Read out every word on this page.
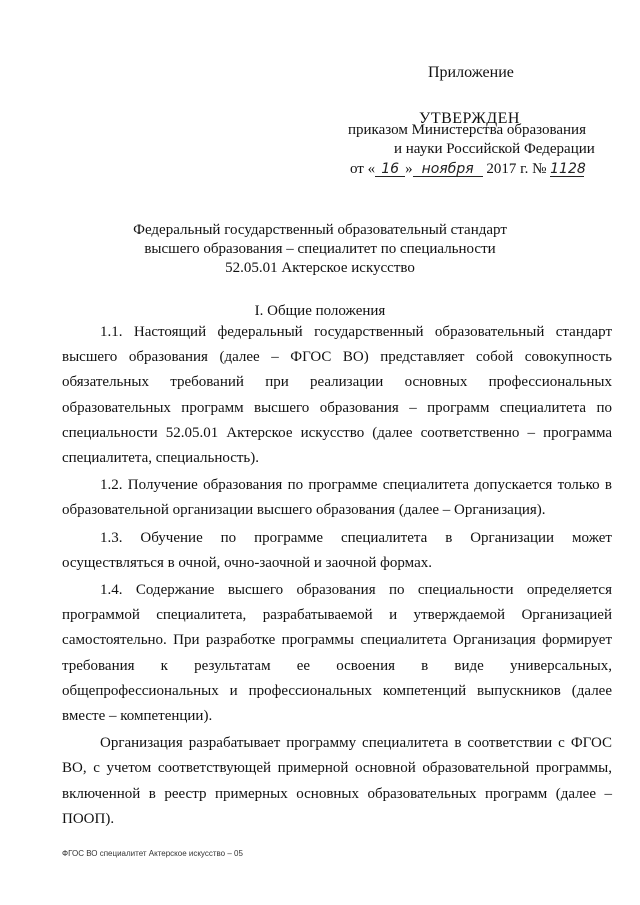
Приложение
УТВЕРЖДЕН
приказом Министерства образования
и науки Российской Федерации
от « 16 » ноября 2017 г. № 1128
Федеральный государственный образовательный стандарт
высшего образования – специалитет по специальности
52.05.01 Актерское искусство
I. Общие положения

1.1. Настоящий федеральный государственный образовательный стандарт высшего образования (далее – ФГОС ВО) представляет собой совокупность обязательных требований при реализации основных профессиональных образовательных программ высшего образования – программ специалитета по специальности 52.05.01 Актерское искусство (далее соответственно – программа специалитета, специальность).

1.2. Получение образования по программе специалитета допускается только в образовательной организации высшего образования (далее – Организация).

1.3. Обучение по программе специалитета в Организации может осуществляться в очной, очно-заочной и заочной формах.

1.4. Содержание высшего образования по специальности определяется программой специалитета, разрабатываемой и утверждаемой Организацией самостоятельно. При разработке программы специалитета Организация формирует требования к результатам ее освоения в виде универсальных, общепрофессиональных и профессиональных компетенций выпускников (далее вместе – компетенции).

Организация разрабатывает программу специалитета в соответствии с ФГОС ВО, с учетом соответствующей примерной основной образовательной программы, включенной в реестр примерных основных образовательных программ (далее – ПООП).

ФГОС ВО специалитет Актерское искусство – 05
